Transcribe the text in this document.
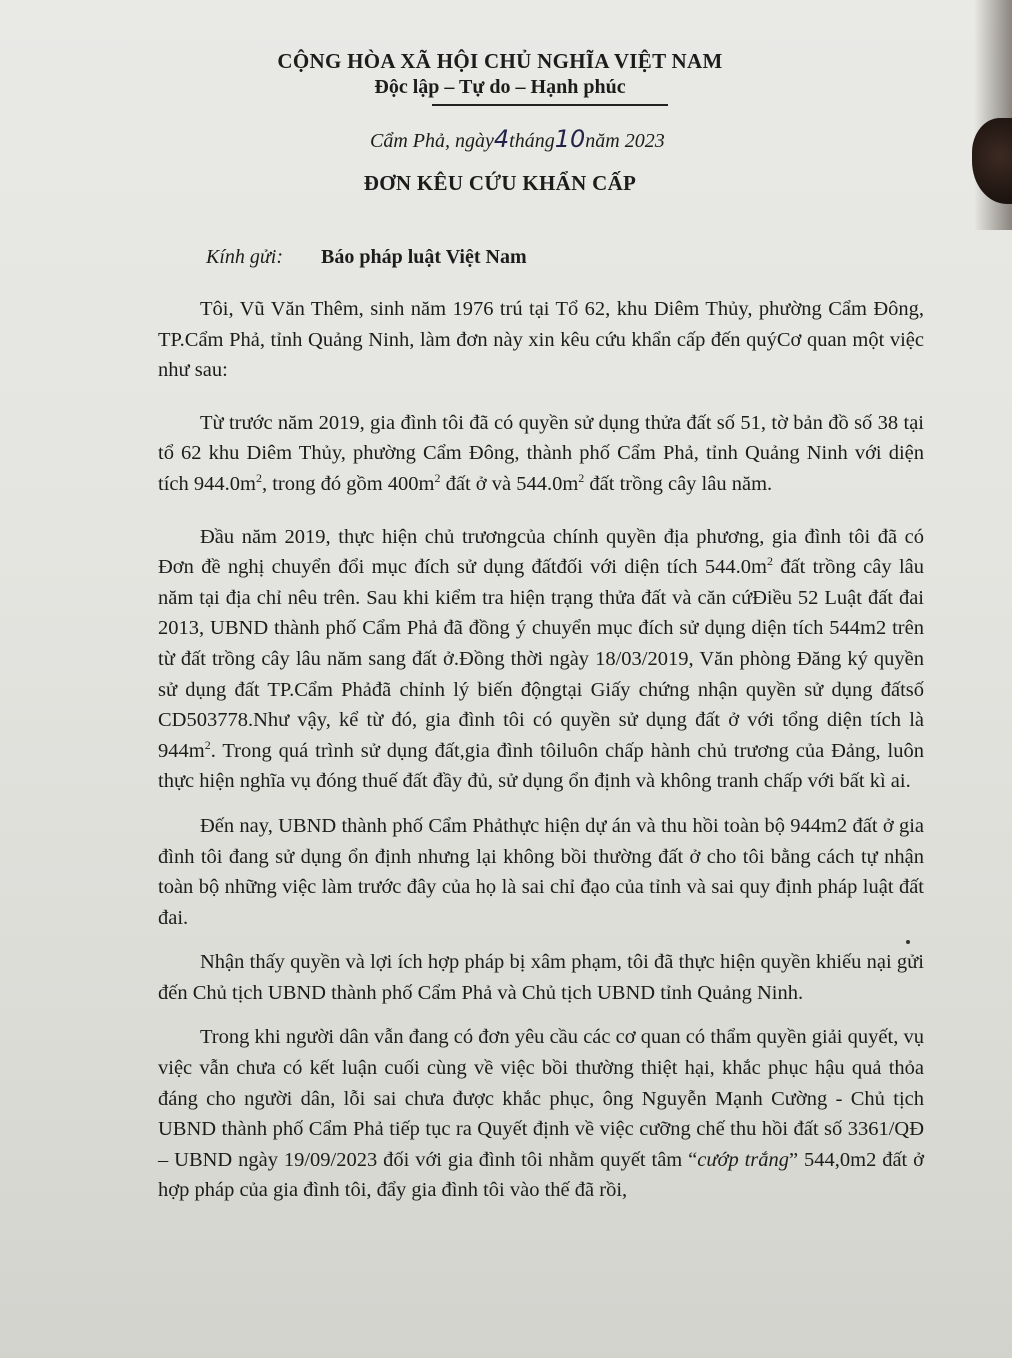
CỘNG HÒA XÃ HỘI CHỦ NGHĨA VIỆT NAM
Độc lập – Tự do – Hạnh phúc
Cẩm Phả, ngày4tháng10năm 2023
ĐƠN KÊU CỨU KHẨN CẤP
Kính gửi: Báo pháp luật Việt Nam

Tôi, Vũ Văn Thêm, sinh năm 1976 trú tại Tổ 62, khu Diêm Thủy, phường Cẩm Đông, TP.Cẩm Phả, tỉnh Quảng Ninh, làm đơn này xin kêu cứu khẩn cấp đến quýCơ quan một việc như sau:

Từ trước năm 2019, gia đình tôi đã có quyền sử dụng thửa đất số 51, tờ bản đồ số 38 tại tổ 62 khu Diêm Thủy, phường Cẩm Đông, thành phố Cẩm Phả, tỉnh Quảng Ninh với diện tích $944.0m^2$, trong đó gồm $400m^2$ đất ở và $544.0m^2$ đất trồng cây lâu năm.

Đầu năm 2019, thực hiện chủ trươngcủa chính quyền địa phương, gia đình tôi đã có Đơn đề nghị chuyển đổi mục đích sử dụng đấtđối với diện tích $544.0m^2$ đất trồng cây lâu năm tại địa chỉ nêu trên. Sau khi kiểm tra hiện trạng thửa đất và căn cứĐiều 52 Luật đất đai 2013, UBND thành phố Cẩm Phả đã đồng ý chuyển mục đích sử dụng diện tích 544m2 trên từ đất trồng cây lâu năm sang đất ở.Đồng thời ngày 18/03/2019, Văn phòng Đăng ký quyền sử dụng đất TP.Cẩm Phảđã chỉnh lý biến độngtại Giấy chứng nhận quyền sử dụng đấtsố CD503778.Như vậy, kể từ đó, gia đình tôi có quyền sử dụng đất ở với tổng diện tích là $944m^2$. Trong quá trình sử dụng đất,gia đình tôiluôn chấp hành chủ trương của Đảng, luôn thực hiện nghĩa vụ đóng thuế đất đầy đủ, sử dụng ổn định và không tranh chấp với bất kì ai.

Đến nay, UBND thành phố Cẩm Phảthực hiện dự án và thu hồi toàn bộ 944m2 đất ở gia đình tôi đang sử dụng ổn định nhưng lại không bồi thường đất ở cho tôi bằng cách tự nhận toàn bộ những việc làm trước đây của họ là sai chỉ đạo của tỉnh và sai quy định pháp luật đất đai.

Nhận thấy quyền và lợi ích hợp pháp bị xâm phạm, tôi đã thực hiện quyền khiếu nại gửi đến Chủ tịch UBND thành phố Cẩm Phả và Chủ tịch UBND tỉnh Quảng Ninh.

Trong khi người dân vẫn đang có đơn yêu cầu các cơ quan có thẩm quyền giải quyết, vụ việc vẫn chưa có kết luận cuối cùng về việc bồi thường thiệt hại, khắc phục hậu quả thỏa đáng cho người dân, lỗi sai chưa được khắc phục, ông Nguyễn Mạnh Cường - Chủ tịch UBND thành phố Cẩm Phả tiếp tục ra Quyết định về việc cưỡng chế thu hồi đất số 3361/QĐ – UBND ngày 19/09/2023 đối với gia đình tôi nhằm quyết tâm “cướp trắng” 544,0m2 đất ở hợp pháp của gia đình tôi, đẩy gia đình tôi vào thế đã rồi,
